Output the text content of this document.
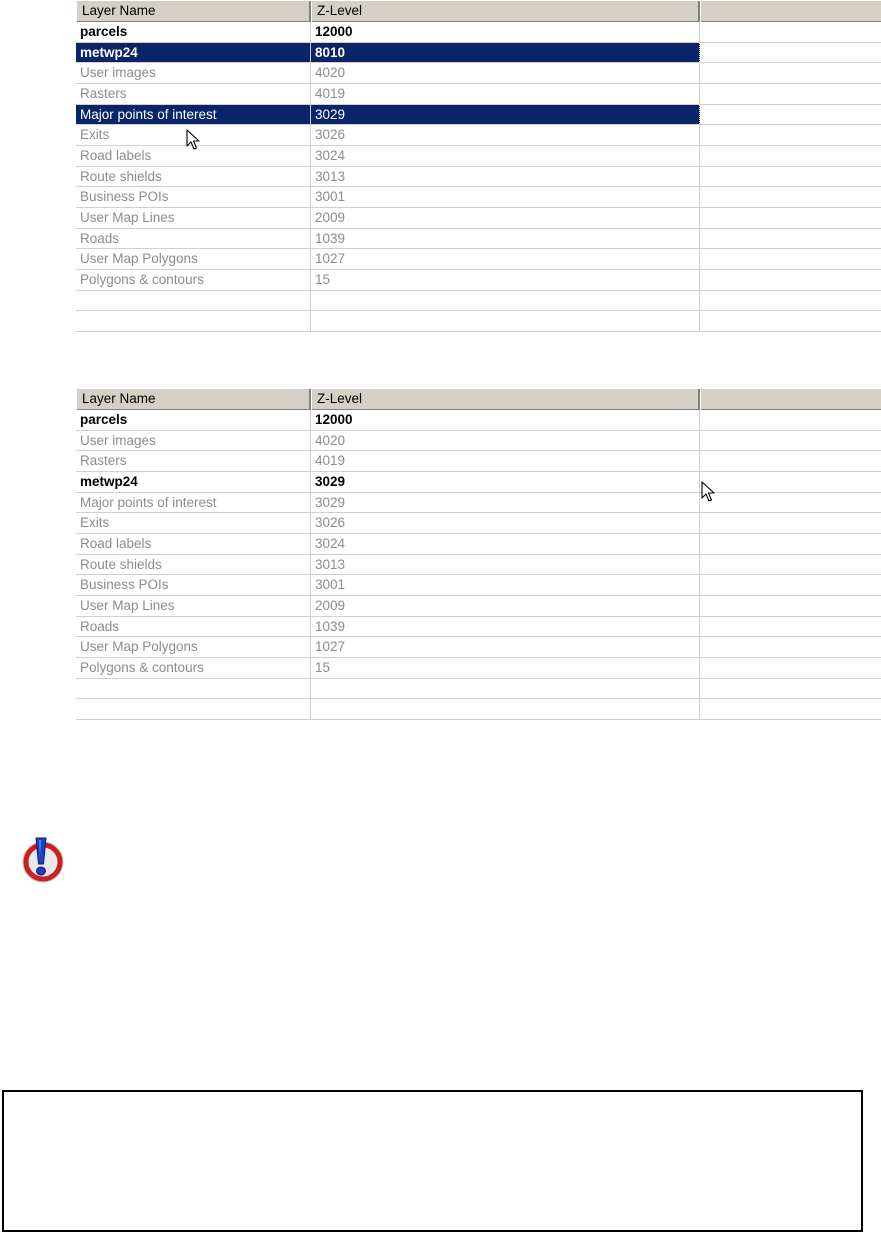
Layer Name	Z-Level
parcels	12000
metwp24	8010
User images	4020
Rasters	4019
Major points of interest	3029
Exits	3026
Road labels	3024
Route shields	3013
Business POIs	3001
User Map Lines	2009
Roads	1039
User Map Polygons	1027
Polygons & contours	15
Layer Name	Z-Level
parcels	12000
User images	4020
Rasters	4019
metwp24	3029
Major points of interest	3029
Exits	3026
Road labels	3024
Route shields	3013
Business POIs	3001
User Map Lines	2009
Roads	1039
User Map Polygons	1027
Polygons & contours	15
